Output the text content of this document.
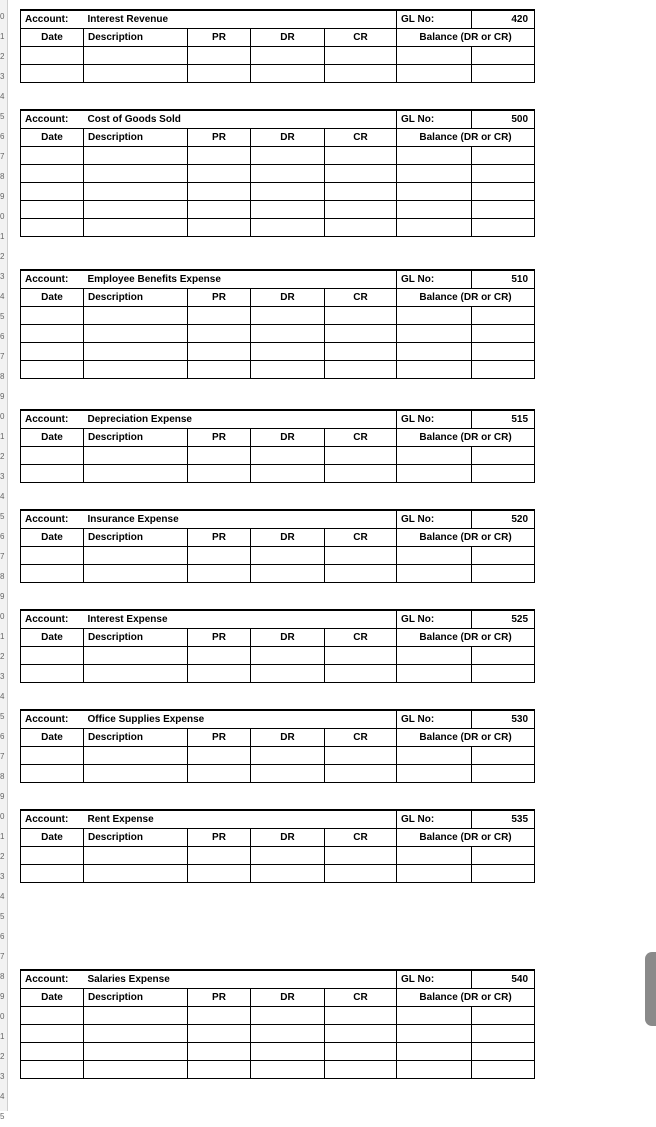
0
1
2
3
4
5
6
7
8
9
0
1
2
3
4
5
6
7
8
9
0
1
2
3
4
5
6
7
8
9
0
1
2
3
4
5
6
7
8
9
0
1
2
3
4
5
6
7
8
9
0
1
2
3
4
5
Account:	Interest Revenue				GL No:	420
Date	Description	PR	DR	CR	Balance (DR or CR)	

Account:	Cost of Goods Sold				GL No:	500
Date	Description	PR	DR	CR	Balance (DR or CR)	

Account:	Employee Benefits Expense				GL No:	510
Date	Description	PR	DR	CR	Balance (DR or CR)	

Account:	Depreciation Expense				GL No:	515
Date	Description	PR	DR	CR	Balance (DR or CR)	

Account:	Insurance Expense				GL No:	520
Date	Description	PR	DR	CR	Balance (DR or CR)	

Account:	Interest Expense				GL No:	525
Date	Description	PR	DR	CR	Balance (DR or CR)	

Account:	Office Supplies Expense				GL No:	530
Date	Description	PR	DR	CR	Balance (DR or CR)	

Account:	Rent Expense				GL No:	535
Date	Description	PR	DR	CR	Balance (DR or CR)	

Account:	Salaries Expense				GL No:	540
Date	Description	PR	DR	CR	Balance (DR or CR)	
